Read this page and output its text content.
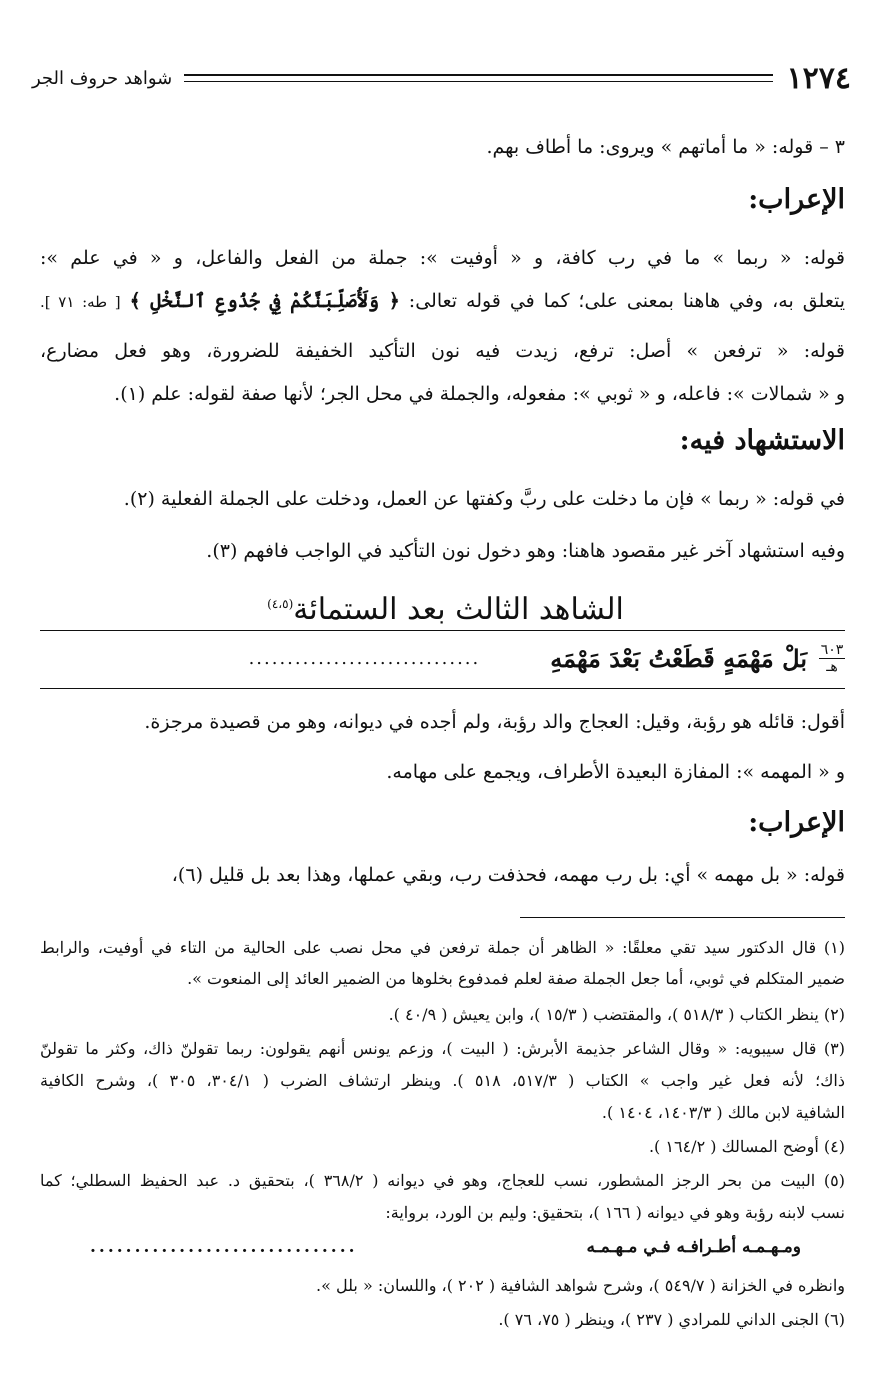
١٢٧٤
شواهد حروف الجر
٣ – قوله: « ما أماتهم » ويروى: ما أطاف بهم.
الإعراب:
قوله: « ربما » ما في رب كافة، و « أوفيت »: جملة من الفعل والفاعل، و « في علم »:
يتعلق به، وفي هاهنا بمعنى على؛ كما في قوله تعالى: ﴿ وَلَأُصَلِّبَنَّكُمْ فِي جُذُوعِ ٱلنَّخْلِ ﴾ [ طه: ٧١ ].
قوله: « ترفعن » أصل: ترفع، زيدت فيه نون التأكيد الخفيفة للضرورة، وهو فعل مضارع،
و « شمالات »: فاعله، و « ثوبي »: مفعوله، والجملة في محل الجر؛ لأنها صفة لقوله: علم (١).
الاستشهاد فيه:
في قوله: « ربما » فإن ما دخلت على ربَّ وكفتها عن العمل، ودخلت على الجملة الفعلية (٢).
وفيه استشهاد آخر غير مقصود هاهنا: وهو دخول نون التأكيد في الواجب فافهم (٣).
الشاهد الثالث بعد الستمائة$^{(٤،٥)}$
٦٠٣
هـ
بَلْ مَهْمَهٍ قَطَعْتُ بَعْدَ مَهْمَهِ
..............................
أقول: قائله هو رؤبة، وقيل: العجاج والد رؤبة، ولم أجده في ديوانه، وهو من قصيدة مرجزة.
و « المهمه »: المفازة البعيدة الأطراف، ويجمع على مهامه.
الإعراب:
قوله: « بل مهمه » أي: بل رب مهمه، فحذفت رب، وبقي عملها، وهذا بعد بل قليل (٦)،
(١) قال الدكتور سيد تقي معلقًا: « الظاهر أن جملة ترفعن في محل نصب على الحالية من التاء في أوفيت، والرابط
ضمير المتكلم في ثوبي، أما جعل الجملة صفة لعلم فمدفوع بخلوها من الضمير العائد إلى المنعوت ».
(٢) ينظر الكتاب ( ٥١٨/٣ )، والمقتضب ( ١٥/٣ )، وابن يعيش ( ٤٠/٩ ).
(٣) قال سيبويه: « وقال الشاعر جذيمة الأبرش: ( البيت )، وزعم يونس أنهم يقولون: ربما تقولنّ ذاك، وكثر ما تقولنّ
ذاك؛ لأنه فعل غير واجب » الكتاب ( ٥١٧/٣، ٥١٨ ). وينظر ارتشاف الضرب ( ٣٠٤/١، ٣٠٥ )، وشرح الكافية
الشافية لابن مالك ( ١٤٠٣/٣، ١٤٠٤ ).
(٤) أوضح المسالك ( ١٦٤/٢ ).
(٥) البيت من بحر الرجز المشطور، نسب للعجاج، وهو في ديوانه ( ٣٦٨/٢ )، بتحقيق د. عبد الحفيظ السطلي؛ كما
نسب لابنه رؤبة وهو في ديوانه ( ١٦٦ )، بتحقيق: وليم بن الورد، برواية:
ومـهـمـه أطـرافـه فـي مـهـمـه
..............................
وانظره في الخزانة ( ٥٤٩/٧ )، وشرح شواهد الشافية ( ٢٠٢ )، واللسان: « بلل ».
(٦) الجنى الداني للمرادي ( ٢٣٧ )، وينظر ( ٧٥، ٧٦ ).
